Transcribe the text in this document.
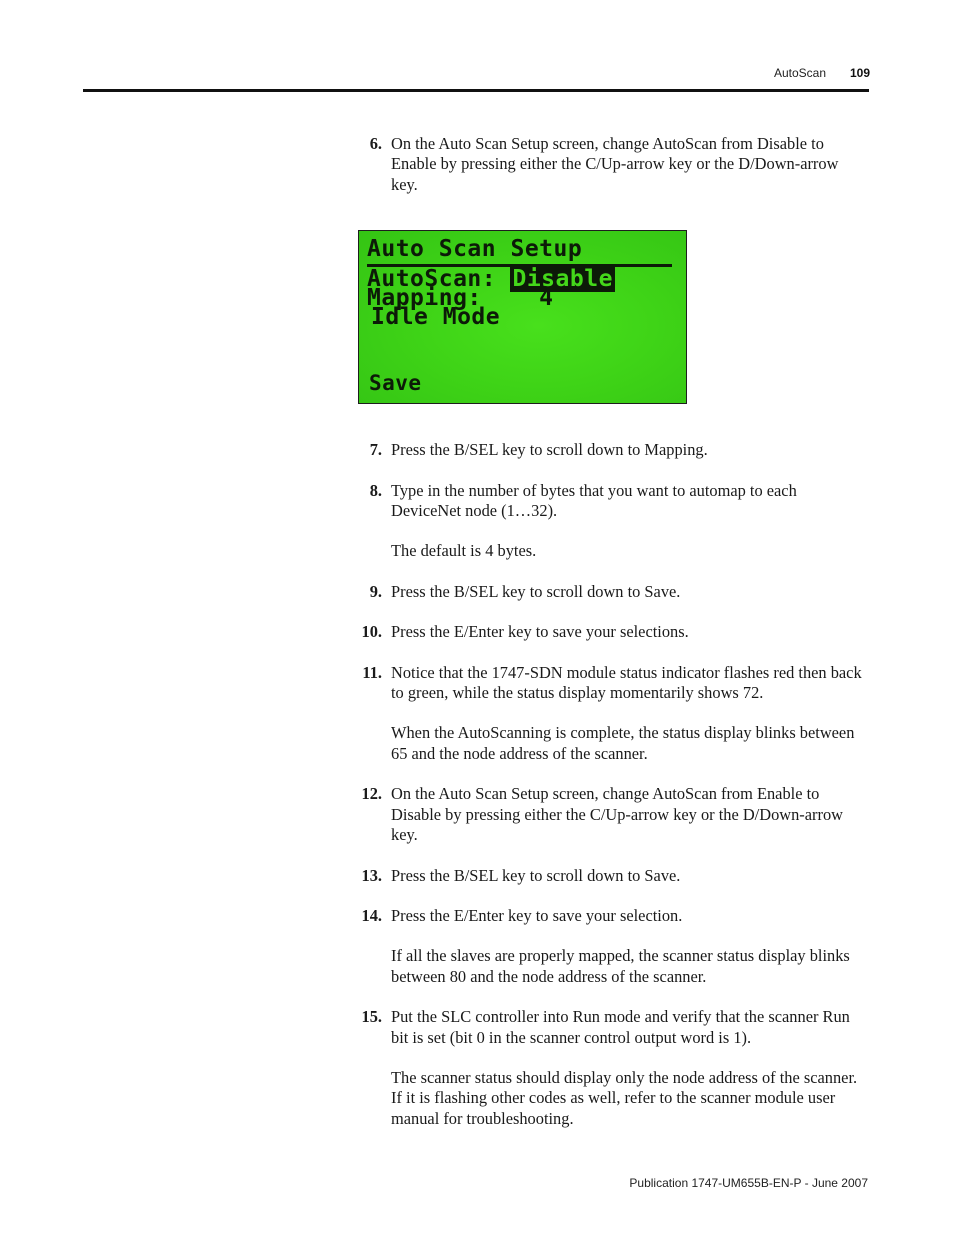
AutoScan 109
6. On the Auto Scan Setup screen, change AutoScan from Disable to Enable by pressing either the C/Up-arrow key or the D/Down-arrow key.

Auto Scan Setup
AutoScan: Disable
Mapping: 4
Idle Mode
Save
7. Press the B/SEL key to scroll down to Mapping.

8. Type in the number of bytes that you want to automap to each DeviceNet node (1…32).

The default is 4 bytes.

9. Press the B/SEL key to scroll down to Save.

10. Press the E/Enter key to save your selections.

11. Notice that the 1747-SDN module status indicator flashes red then back to green, while the status display momentarily shows 72.

When the AutoScanning is complete, the status display blinks between 65 and the node address of the scanner.

12. On the Auto Scan Setup screen, change AutoScan from Enable to Disable by pressing either the C/Up-arrow key or the D/Down-arrow key.

13. Press the B/SEL key to scroll down to Save.

14. Press the E/Enter key to save your selection.

If all the slaves are properly mapped, the scanner status display blinks between 80 and the node address of the scanner.

15. Put the SLC controller into Run mode and verify that the scanner Run bit is set (bit 0 in the scanner control output word is 1).

The scanner status should display only the node address of the scanner. If it is flashing other codes as well, refer to the scanner module user manual for troubleshooting.

Publication 1747-UM655B-EN-P - June 2007
